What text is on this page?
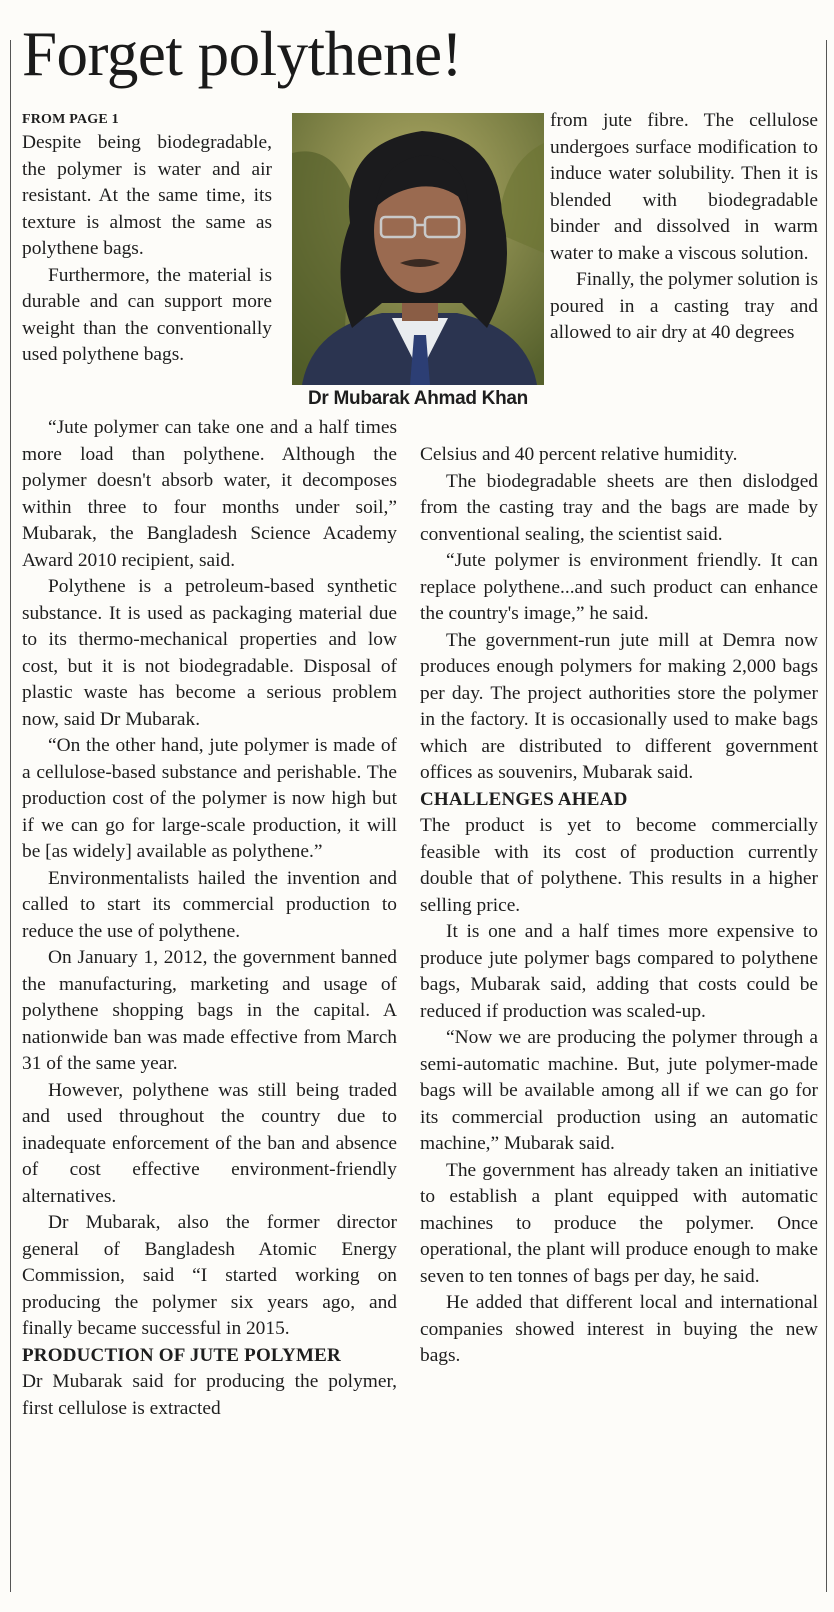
Forget polythene!

FROM PAGE 1

Despite being biodegradable, the polymer is water and air resistant. At the same time, its texture is almost the same as polythene bags.

Furthermore, the material is durable and can support more weight than the conventionally used polythene bags.

Dr Mubarak Ahmad Khan

“Jute polymer can take one and a half times more load than polythene. Although the polymer doesn't absorb water, it decomposes within three to four months under soil,” Mubarak, the Bangladesh Science Academy Award 2010 recipient, said.

Polythene is a petroleum-based synthetic substance. It is used as packaging material due to its thermo-mechanical properties and low cost, but it is not biodegradable. Disposal of plastic waste has become a serious problem now, said Dr Mubarak.

“On the other hand, jute polymer is made of a cellulose-based substance and perishable. The production cost of the polymer is now high but if we can go for large-scale production, it will be [as widely] available as polythene.”

Environmentalists hailed the invention and called to start its commercial production to reduce the use of polythene.

On January 1, 2012, the government banned the manufacturing, marketing and usage of polythene shopping bags in the capital. A nationwide ban was made effective from March 31 of the same year.

However, polythene was still being traded and used throughout the country due to inadequate enforcement of the ban and absence of cost effective environment-friendly alternatives.

Dr Mubarak, also the former director general of Bangladesh Atomic Energy Commission, said “I started working on producing the polymer six years ago, and finally became successful in 2015.

PRODUCTION OF JUTE POLYMER

Dr Mubarak said for producing the polymer, first cellulose is extracted

from jute fibre. The cellulose undergoes surface modification to induce water solubility. Then it is blended with biodegradable binder and dissolved in warm water to make a viscous solution.

Finally, the polymer solution is poured in a casting tray and allowed to air dry at 40 degrees

Celsius and 40 percent relative humidity.

The biodegradable sheets are then dislodged from the casting tray and the bags are made by conventional sealing, the scientist said.

“Jute polymer is environment friendly. It can replace polythene...and such product can enhance the country's image,” he said.

The government-run jute mill at Demra now produces enough polymers for making 2,000 bags per day. The project authorities store the polymer in the factory. It is occasionally used to make bags which are distributed to different government offices as souvenirs, Mubarak said.

CHALLENGES AHEAD

The product is yet to become commercially feasible with its cost of production currently double that of polythene. This results in a higher selling price.

It is one and a half times more expensive to produce jute polymer bags compared to polythene bags, Mubarak said, adding that costs could be reduced if production was scaled-up.

“Now we are producing the polymer through a semi-automatic machine. But, jute polymer-made bags will be available among all if we can go for its commercial production using an automatic machine,” Mubarak said.

The government has already taken an initiative to establish a plant equipped with automatic machines to produce the polymer. Once operational, the plant will produce enough to make seven to ten tonnes of bags per day, he said.

He added that different local and international companies showed interest in buying the new bags.
